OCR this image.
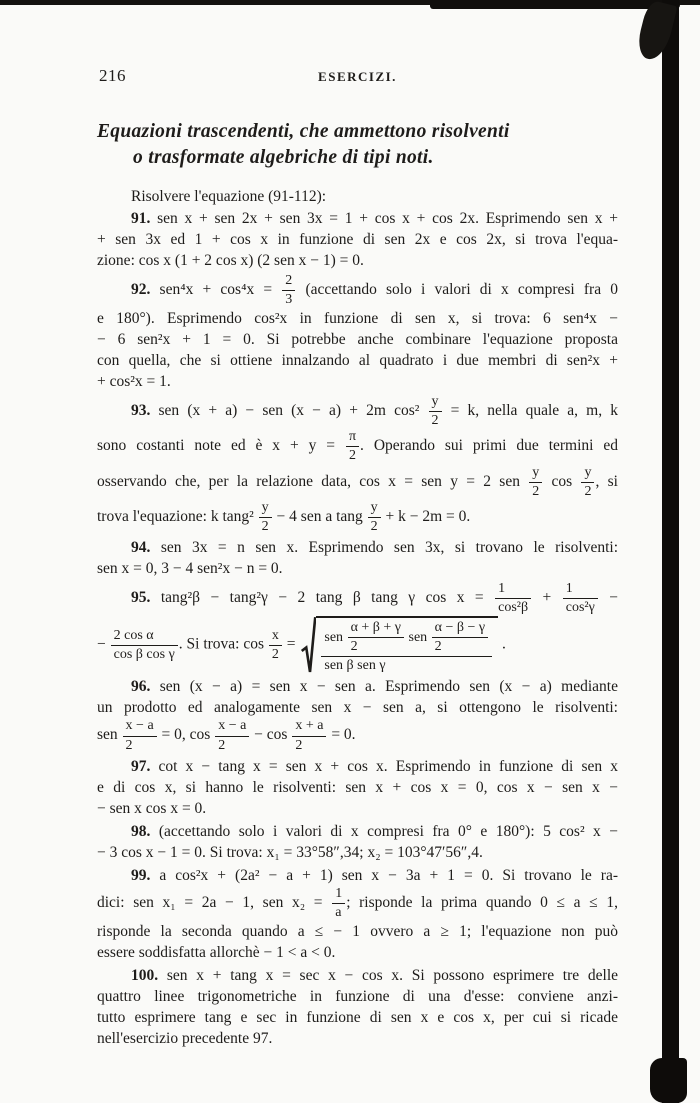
216	ESERCIZI.
Equazioni trascendenti, che ammettono risolventi
o trasformate algebriche di tipi noti.
Risolvere l'equazione (91-112):
91. sen x + sen 2x + sen 3x = 1 + cos x + cos 2x. Esprimendo sen x +
+ sen 3x ed 1 + cos x in funzione di sen 2x e cos 2x, si trova l'equa-
zione: cos x (1 + 2 cos x) (2 sen x − 1) = 0.
92. $sen^4x + \cos^4x = \frac{2}{3}$ (accettando solo i valori di x compresi fra 0
e 180°). Esprimendo cos²x in funzione di sen x, si trova: 6 sen⁴x −
− 6 sen²x + 1 = 0. Si potrebbe anche combinare l'equazione proposta
con quella, che si ottiene innalzando al quadrato i due membri di sen²x +
+ cos²x = 1.
93. sen (x + a) − sen (x − a) + 2m $\cos^2 \frac{y}{2} = k$, nella quale a, m, k
sono costanti note ed è $x + y = \frac{\pi}{2}$ . Operando sui primi due termini ed
osservando che, per la relazione data, cos x = sen y = 2 sen $\frac{y}{2}$ $\cos \frac{y}{2}$ , si
trova l'equazione: k $\tan g^2 \frac{y}{2} - 4$ sen a tang $\frac{y}{2} + k - 2m = 0$.
94. sen 3x = n sen x. Esprimendo sen 3x, si trovano le risolventi:
sen x = 0, 3 − 4 sen²x − n = 0.
95. tang²β − tang²γ − 2 tang β tang γ $\cos x = \frac{1}{\text{cos²β}} + \frac{1}{\text{cos²γ}}$ −
− $\frac{\text{2 cos α}}{\text{cos β cos γ}}$ . Si trova: $\cos \frac{x}{2} = \frac{sen \frac{\alpha + \beta + \gamma}{2} sen \frac{\alpha - \beta - \gamma}{2}}{\text{sen β sen γ}}$ .
96. sen (x − a) = sen x − sen a. Esprimendo sen (x − a) mediante
un prodotto ed analogamente sen x − sen a, si ottengono le risolventi:
sen $\frac{x - a}{2} = 0$, $\cos \frac{x - a}{2} - \cos \frac{x + a}{2} = 0$.
97. cot x − tang x = sen x + cos x. Esprimendo in funzione di sen x
e di cos x, si hanno le risolventi: sen x + cos x = 0, cos x − sen x −
− sen x cos x = 0.
98. (accettando solo i valori di x compresi fra 0° e 180°): 5 cos² x −
− 3 cos x − 1 = 0. Si trova: x₁ = 33°58″,34; x₂ = 103°47′56″,4.
99. a cos²x + (2a² − a + 1) sen x − 3a + 1 = 0. Si trovano le ra-
dici: sen x₁ = 2a − 1, sen $x_2 = \frac{1}{a}$ ; risponde la prima quando 0 ≤ a ≤ 1,
risponde la seconda quando a ≤ − 1 ovvero a ≥ 1; l'equazione non può
essere soddisfatta allorchè − 1 < a < 0.
100. sen x + tang x = sec x − cos x. Si possono esprimere tre delle
quattro linee trigonometriche in funzione di una d'esse: conviene anzi-
tutto esprimere tang e sec in funzione di sen x e cos x, per cui si ricade
nell'esercizio precedente 97.
